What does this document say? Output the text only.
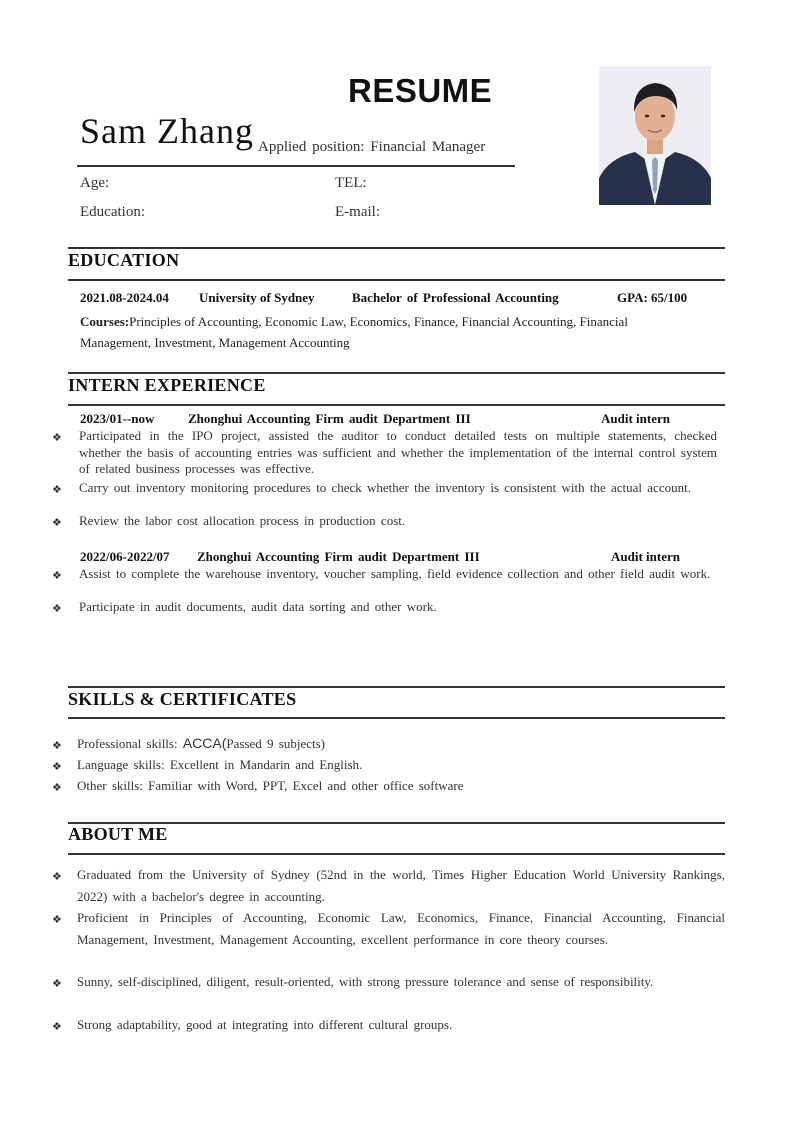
RESUME
Sam Zhang Applied position: Financial Manager
Age:	TEL:
Education:	E-mail:
EDUCATION
2021.08-2024.04 University of Sydney	Bachelor of Professional Accounting	GPA: 65/100
Courses:Principles of Accounting, Economic Law, Economics, Finance, Financial Accounting, Financial
Management, Investment, Management Accounting
INTERN EXPERIENCE
2023/01--now	Zhonghui Accounting Firm audit Department III	Audit intern
❖ Participated in the IPO project, assisted the auditor to conduct detailed tests on multiple statements, checked whether the basis of accounting entries was sufficient and whether the implementation of the internal control system of related business processes was effective.
❖ Carry out inventory monitoring procedures to check whether the inventory is consistent with the actual account.
❖ Review the labor cost allocation process in production cost.
2022/06-2022/07 Zhonghui Accounting Firm audit Department III	Audit intern
❖ Assist to complete the warehouse inventory, voucher sampling, field evidence collection and other field audit work.
❖ Participate in audit documents, audit data sorting and other work.
SKILLS & CERTIFICATES
❖ Professional skills: ACCA(Passed 9 subjects)
❖ Language skills: Excellent in Mandarin and English.
❖ Other skills: Familiar with Word, PPT, Excel and other office software
ABOUT ME
❖ Graduated from the University of Sydney (52nd in the world, Times Higher Education World University Rankings, 2022) with a bachelor's degree in accounting.
❖ Proficient in Principles of Accounting, Economic Law, Economics, Finance, Financial Accounting, Financial Management, Investment, Management Accounting, excellent performance in core theory courses.
❖ Sunny, self-disciplined, diligent, result-oriented, with strong pressure tolerance and sense of responsibility.
❖ Strong adaptability, good at integrating into different cultural groups.
